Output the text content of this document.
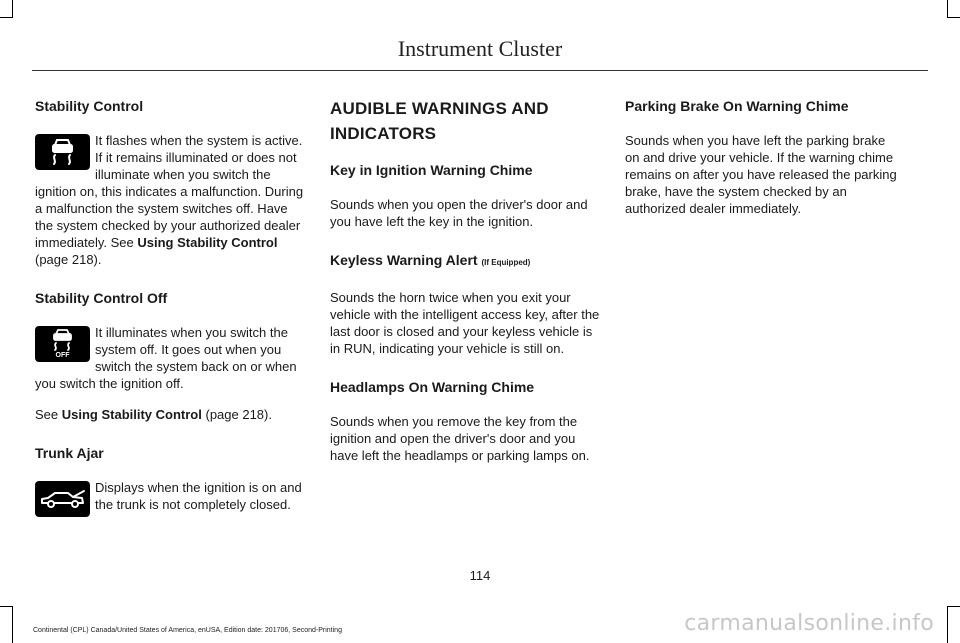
Instrument Cluster
Stability Control

It flashes when the system is active. If it remains illuminated or does not illuminate when you switch the ignition on, this indicates a malfunction. During a malfunction the system switches off. Have the system checked by your authorized dealer immediately. See Using Stability Control (page 218).

Stability Control Off
OFF

It illuminates when you switch the system off. It goes out when you switch the system back on or when you switch the ignition off.

See Using Stability Control (page 218).

Trunk Ajar

Displays when the ignition is on and the trunk is not completely closed.

AUDIBLE WARNINGS AND
INDICATORS
Key in Ignition Warning Chime

Sounds when you open the driver's door and you have left the key in the ignition.

Keyless Warning Alert (If Equipped)

Sounds the horn twice when you exit your vehicle with the intelligent access key, after the last door is closed and your keyless vehicle is in RUN, indicating your vehicle is still on.

Headlamps On Warning Chime

Sounds when you remove the key from the ignition and open the driver's door and you have left the headlamps or parking lamps on.

Parking Brake On Warning Chime

Sounds when you have left the parking brake on and drive your vehicle. If the warning chime remains on after you have released the parking brake, have the system checked by an authorized dealer immediately.

114
Continental (CPL) Canada/United States of America, enUSA, Edition date: 201706, Second-Printing	carmanualsonline.info
